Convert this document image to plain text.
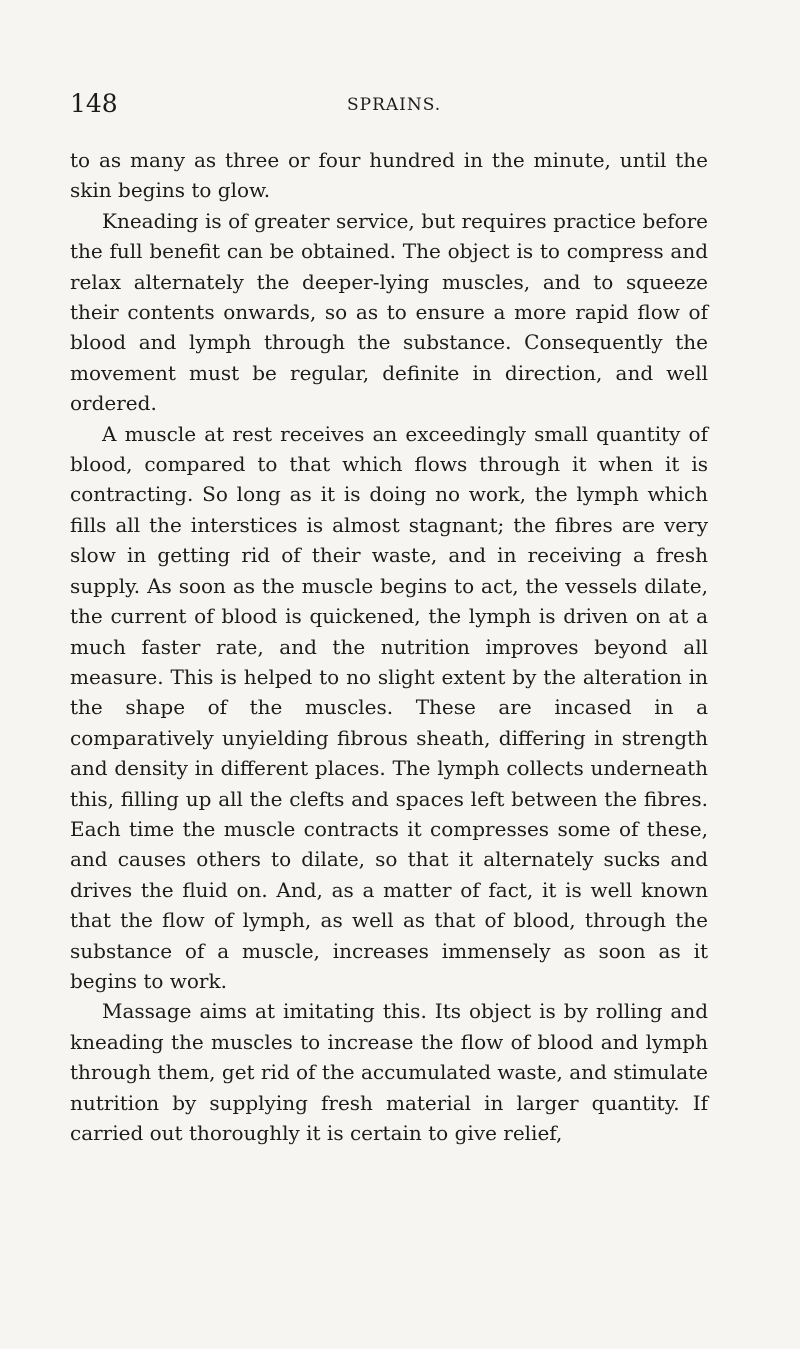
148	SPRAINS.

to as many as three or four hundred in the minute, until the skin begins to glow.

Kneading is of greater service, but requires practice before the full benefit can be obtained. The object is to compress and relax alternately the deeper-lying muscles, and to squeeze their contents onwards, so as to ensure a more rapid flow of blood and lymph through the substance. Consequently the movement must be regular, definite in direction, and well ordered.

A muscle at rest receives an exceedingly small quantity of blood, compared to that which flows through it when it is contracting. So long as it is doing no work, the lymph which fills all the interstices is almost stagnant; the fibres are very slow in getting rid of their waste, and in receiving a fresh supply. As soon as the muscle begins to act, the vessels dilate, the current of blood is quickened, the lymph is driven on at a much faster rate, and the nutrition improves beyond all measure. This is helped to no slight extent by the alteration in the shape of the muscles. These are incased in a comparatively unyielding fibrous sheath, differing in strength and density in different places. The lymph collects underneath this, filling up all the clefts and spaces left between the fibres. Each time the muscle contracts it compresses some of these, and causes others to dilate, so that it alternately sucks and drives the fluid on. And, as a matter of fact, it is well known that the flow of lymph, as well as that of blood, through the substance of a muscle, increases immensely as soon as it begins to work.

Massage aims at imitating this. Its object is by rolling and kneading the muscles to increase the flow of blood and lymph through them, get rid of the accumulated waste, and stimulate nutrition by supplying fresh material in larger quantity. If carried out thoroughly it is certain to give relief,
